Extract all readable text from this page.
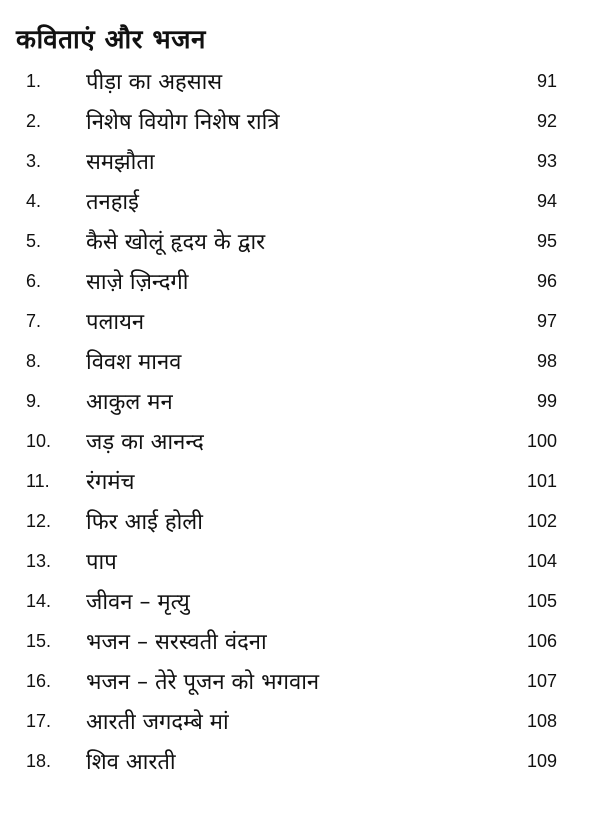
कविताएं और भजन
1. पीड़ा का अहसास	91
2. निशेष वियोग निशेष रात्रि	92
3. समझौता	93
4. तनहाई	94
5. कैसे खोलूं हृदय के द्वार	95
6. साज़े ज़िन्दगी	96
7. पलायन	97
8. विवश मानव	98
9. आकुल मन	99
10. जड़ का आनन्द	100
11. रंगमंच	101
12. फिर आई होली	102
13. पाप	104
14. जीवन – मृत्यु	105
15. भजन – सरस्वती वंदना	106
16. भजन – तेरे पूजन को भगवान	107
17. आरती जगदम्बे मां	108
18. शिव आरती	109
